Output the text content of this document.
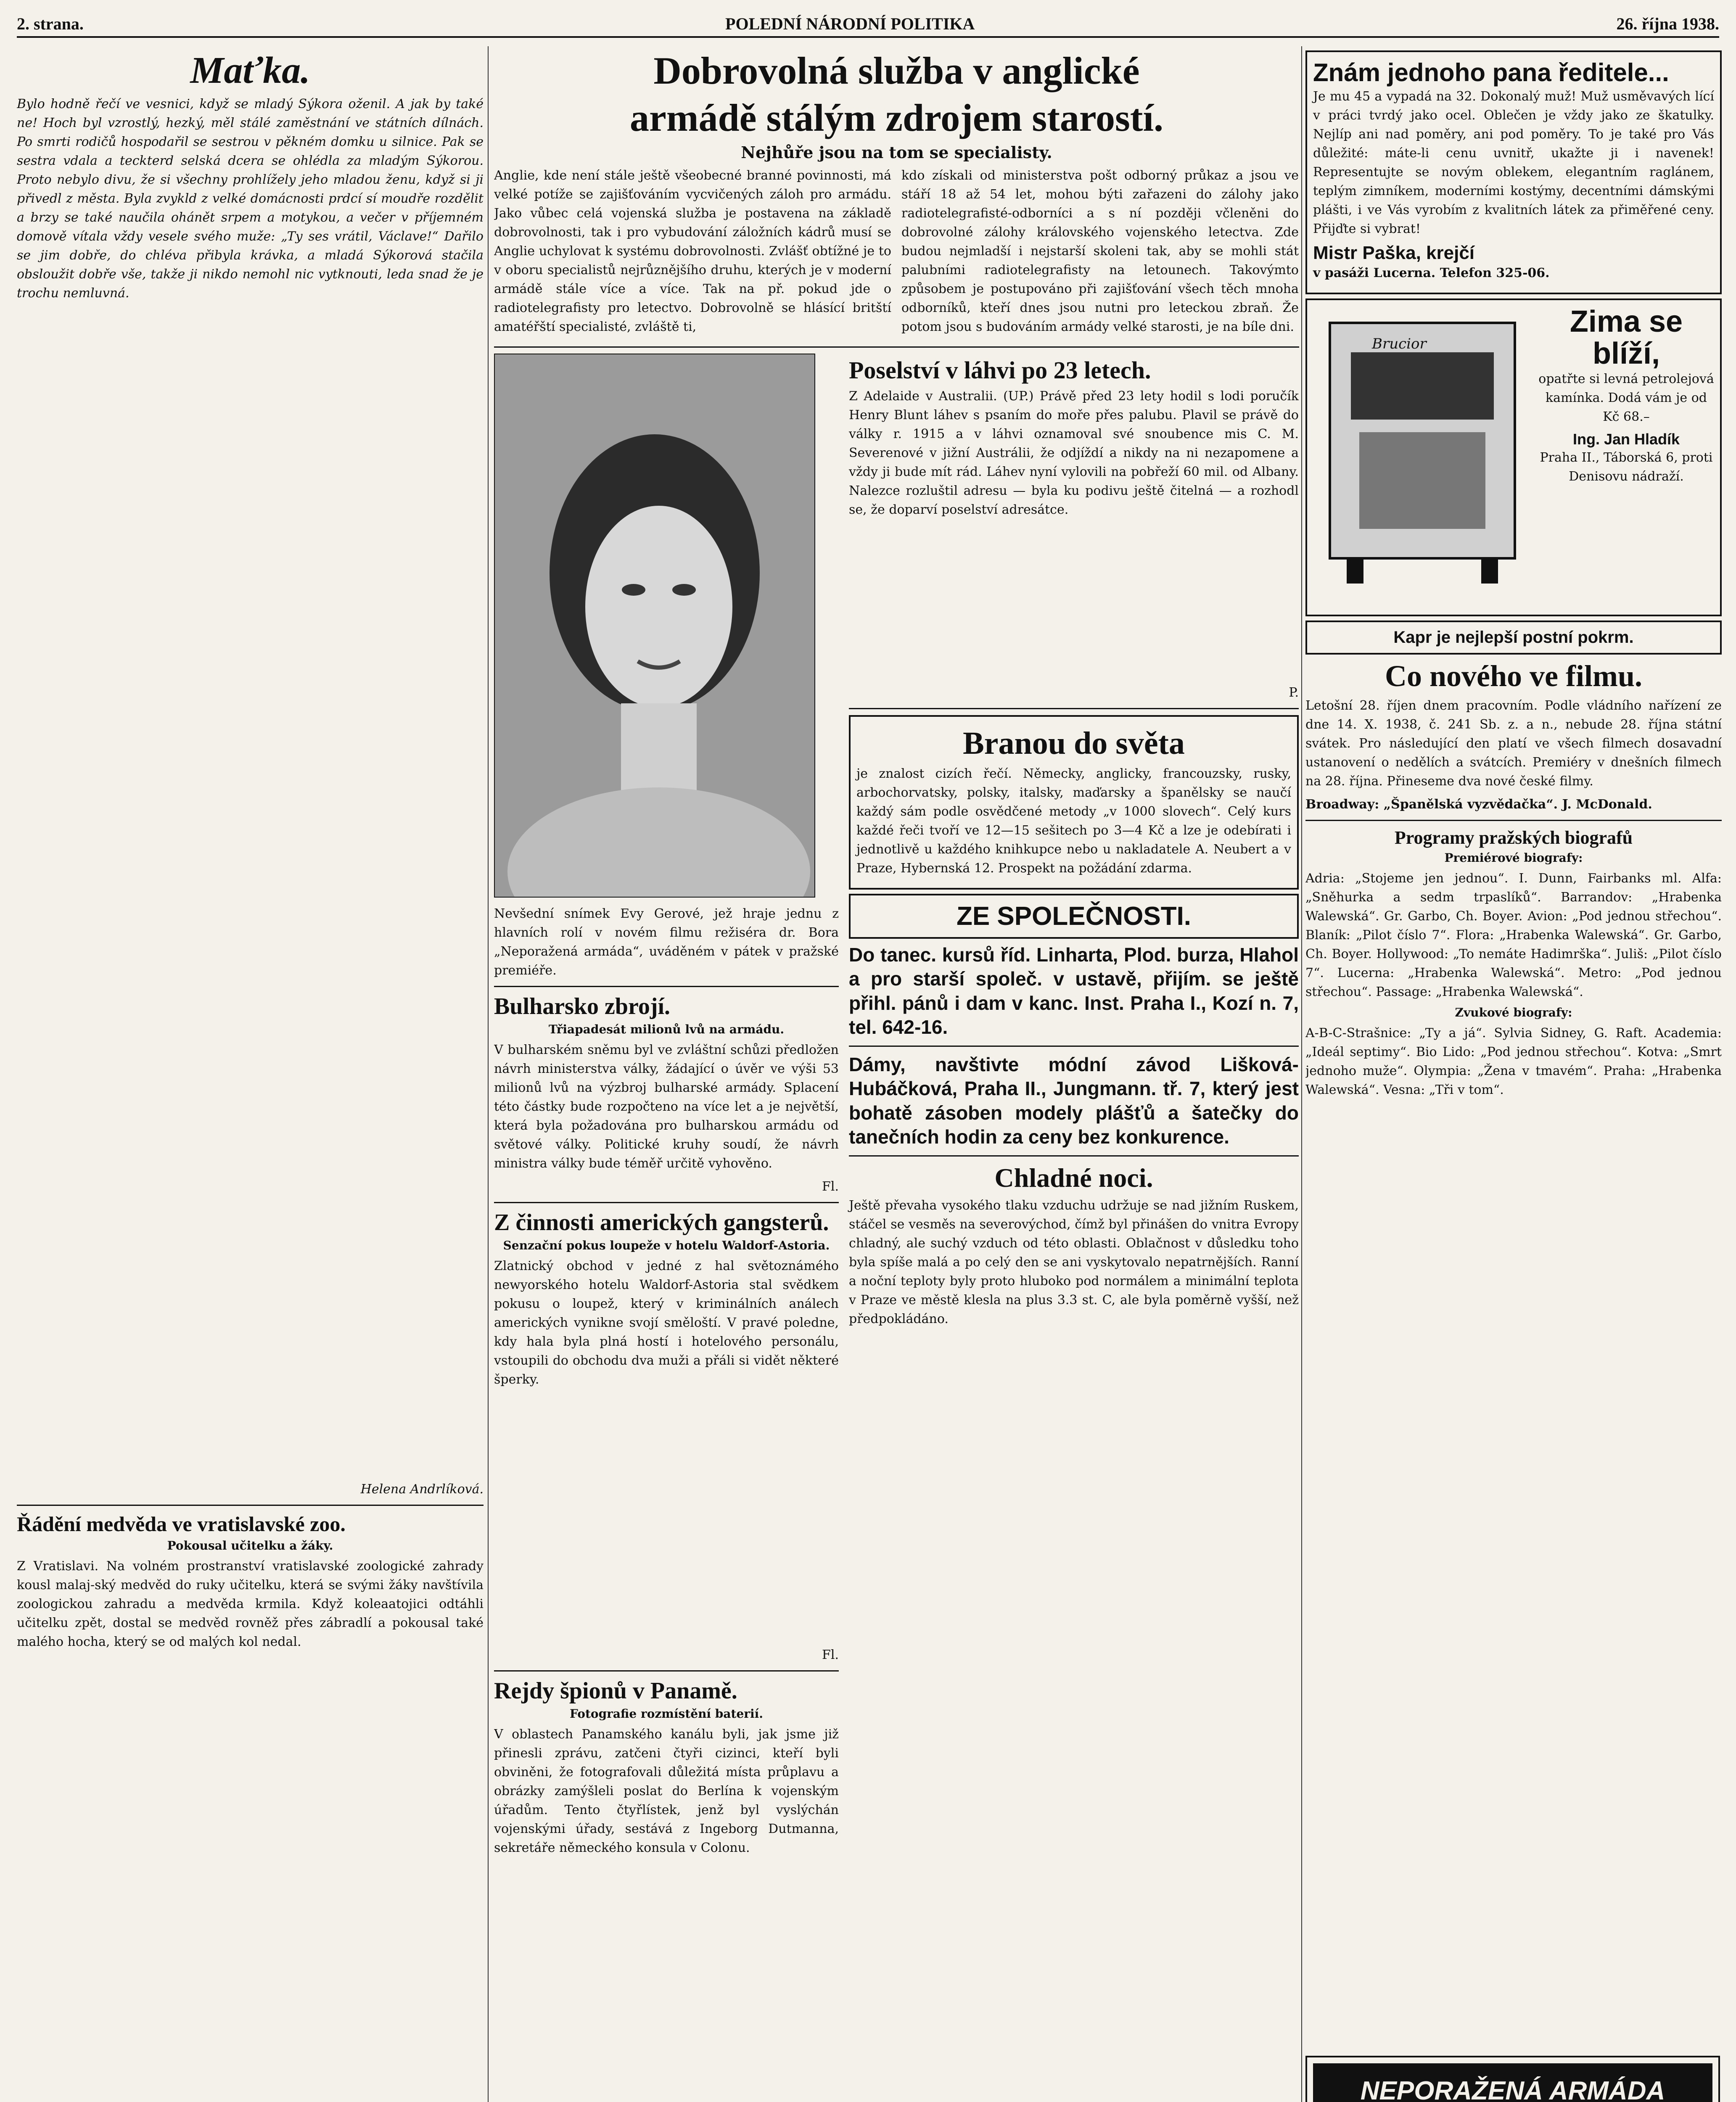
2. strana.	POLEDNÍ NÁRODNÍ POLITIKA	26. října 1938.
Maťka.

Bylo hodně řečí ve vesnici, když se mladý Sýkora oženil. A jak by také ne! Hoch byl vzrostlý, hezký, měl stálé zaměstnání ve státních dílnách. Po smrti rodičů hospodařil se sestrou v pěkném domku u silnice. Pak se sestra vdala a teckterd selská dcera se ohlédla za mladým Sýkorou. Proto nebylo divu, že si všechny prohlížely jeho mladou ženu, když si ji přivedl z města. Byla zvykld z velké domácnosti prdcí sí moudře rozdělit a brzy se také naučila ohánět srpem a motykou, a večer v příjemném domově vítala vždy vesele svého muže: „Ty ses vrátil, Václave!“ Dařilo se jim dobře, do chléva přibyla krávka, a mladá Sýkorová stačila obsloužit dobře vše, takže ji nikdo nemohl nic vytknouti, leda snad že je trochu nemluvná.

Helena Andrlíková.

Řádění medvěda ve vratislavské zoo.
Pokousal učitelku a žáky.

Z Vratislavi. Na volném prostranství vratislavské zoologické zahrady kousl malaj-ský medvěd do ruky učitelku, která se svými žáky navštívila zoologickou zahradu a medvěda krmila. Když koleaatojici odtáhli učitelku zpět, dostal se medvěd rovněž přes zábradlí a pokousal také malého hocha, který se od malých kol nedal.

Dobrovolná služba v anglické
armádě stálým zdrojem starostí.
Nejhůře jsou na tom se specialisty.

Anglie, kde není stále ještě všeobecné branné povinnosti, má velké potíže se zajišťováním vycvičených záloh pro armádu. Jako vůbec celá vojenská služba je postavena na základě dobrovolnosti, tak i pro vybudování záložních kádrů musí se Anglie uchylovat k systému dobrovolnosti. Zvlášť obtížné je to v oboru specialistů nejrůznějšího druhu, kterých je v moderní armádě stále více a více. Tak na př. pokud jde o radiotelegrafisty pro letectvo. Dobrovolně se hlásící britští amatéřští specialisté, zvláště ti,

kdo získali od ministerstva pošt odborný průkaz a jsou ve stáří 18 až 54 let, mohou býti zařazeni do zálohy jako radiotelegrafisté-odborníci a s ní později včleněni do dobrovolné zálohy královského vojenského letectva. Zde budou nejmladší i nejstarší skoleni tak, aby se mohli stát palubními radiotelegrafisty na letounech. Takovýmto způsobem je postupováno při zajišťování všech těch mnoha odborníků, kteří dnes jsou nutni pro leteckou zbraň. Že potom jsou s budováním armády velké starosti, je na bíle dni.

Nevšední snímek Evy Gerové, jež hraje jednu z hlavních rolí v novém filmu režiséra dr. Bora „Neporažená armáda“, uváděném v pátek v pražské premiéře.

Bulharsko zbrojí.
Třiapadesát milionů lvů na armádu.

V bulharském sněmu byl ve zvláštní schůzi předložen návrh ministerstva války, žádající o úvěr ve výši 53 milionů lvů na výzbroj bulharské armády. Splacení této částky bude rozpočteno na více let a je největší, která byla požadována pro bulharskou armádu od světové války. Politické kruhy soudí, že návrh ministra války bude téměř určitě vyhověno.

Fl.

Z činnosti amerických gangsterů.
Senzační pokus loupeže v hotelu Waldorf-Astoria.

Zlatnický obchod v jedné z hal světoznámého newyorského hotelu Waldorf-Astoria stal svědkem pokusu o loupež, který v kriminálních análech amerických vynikne svojí směloští. V pravé poledne, kdy hala byla plná hostí i hotelového personálu, vstoupili do obchodu dva muži a přáli si vidět některé šperky.

Fl.

Rejdy špionů v Panamě.
Fotografie rozmístění baterií.

V oblastech Panamského kanálu byli, jak jsme již přinesli zprávu, zatčeni čtyři cizinci, kteří byli obviněni, že fotografovali důležitá místa průplavu a obrázky zamýšleli poslat do Berlína k vojenským úřadům. Tento čtyřlístek, jenž byl vyslýchán vojenskými úřady, sestává z Ingeborg Dutmanna, sekretáře německého konsula v Colonu.

Poselství v láhvi po 23 letech.

Z Adelaide v Australii. (UP.) Právě před 23 lety hodil s lodi poručík Henry Blunt láhev s psaním do moře přes palubu. Plavil se právě do války r. 1915 a v láhvi oznamoval své snoubence mis C. M. Severenové v jižní Austrálii, že odjíždí a nikdy na ni nezapomene a vždy ji bude mít rád. Láhev nyní vylovili na pobřeží 60 mil. od Albany. Nalezce rozluštil adresu — byla ku podivu ještě čitelná — a rozhodl se, že doparví poselství adresátce.

P.

Branou do světa

je znalost cizích řečí. Německy, anglicky, francouzsky, rusky, arbochorvatsky, polsky, italsky, maďarsky a španělsky se naučí každý sám podle osvědčené metody „v 1000 slovech“. Celý kurs každé řeči tvoří ve 12—15 sešitech po 3—4 Kč a lze je odebírati i jednotlivě u každého knihkupce nebo u nakladatele A. Neubert a v Praze, Hybernská 12. Prospekt na požádání zdarma.

ZE SPOLEČNOSTI.

Do tanec. kursů říd. Linharta, Plod. burza, Hlahol a pro starší společ. v ustavě, přijím. se ještě přihl. pánů i dam v kanc. Inst. Praha I., Kozí n. 7, tel. 642-16.

Dámy, navštivte módní závod Lišková-Hubáčková, Praha II., Jungmann. tř. 7, který jest bohatě zásoben modely plášťů a šatečky do tanečních hodin za ceny bez konkurence.

Chladné noci.

Ještě převaha vysokého tlaku vzduchu udržuje se nad jižním Ruskem, stáčel se vesměs na severovýchod, čímž byl přinášen do vnitra Evropy chladný, ale suchý vzduch od této oblasti. Oblačnost v důsledku toho byla spíše malá a po celý den se ani vyskytovalo nepatrnějších. Ranní a noční teploty byly proto hluboko pod normálem a minimální teplota v Praze ve městě klesla na plus 3.3 st. C, ale byla poměrně vyšší, než předpokládáno.

Znám jednoho pana ředitele...

Je mu 45 a vypadá na 32. Dokonalý muž! Muž usměvavých lící v práci tvrdý jako ocel. Oblečen je vždy jako ze škatulky. Nejlíp ani nad poměry, ani pod poměry. To je také pro Vás důležité: máte-li cenu uvnitř, ukažte ji i navenek! Representujte se novým oblekem, elegantním raglánem, teplým zimníkem, moderními kostýmy, decentními dámskými plášti, i ve Vás vyrobím z kvalitních látek za přiměřené ceny. Přijďte si vybrat!

Mistr Paška, krejčí
v pasáži Lucerna. Telefon 325-06.
Brucior
Zima se blíží,

opatřte si levná petrolejová kamínka. Dodá vám je od Kč 68.–

Ing. Jan Hladík

Praha II., Táborská 6, proti Denisovu nádraží.

Kapr je nejlepší postní pokrm.
Co nového ve filmu.

Letošní 28. říjen dnem pracovním. Podle vládního nařízení ze dne 14. X. 1938, č. 241 Sb. z. a n., nebude 28. října státní svátek. Pro následující den platí ve všech filmech dosavadní ustanovení o nedělích a svátcích. Premiéry v dnešních filmech na 28. října. Přineseme dva nové české filmy.

Broadway: „Španělská vyzvědačka“. J. McDonald.

Programy pražských biografů
Premiérové biografy:

Adria: „Stojeme jen jednou“. I. Dunn, Fairbanks ml. Alfa: „Sněhurka a sedm trpaslíků“. Barrandov: „Hrabenka Walewská“. Gr. Garbo, Ch. Boyer. Avion: „Pod jednou střechou“. Blaník: „Pilot číslo 7“. Flora: „Hrabenka Walewská“. Gr. Garbo, Ch. Boyer. Hollywood: „To nemáte Hadimrška“. Juliš: „Pilot číslo 7“. Lucerna: „Hrabenka Walewská“. Metro: „Pod jednou střechou“. Passage: „Hrabenka Walewská“.

Zvukové biografy:

A-B-C-Strašnice: „Ty a já“. Sylvia Sidney, G. Raft. Academia: „Ideál septimy“. Bio Lido: „Pod jednou střechou“. Kotva: „Smrt jednoho muže“. Olympia: „Žena v tmavém“. Praha: „Hrabenka Walewská“. Vesna: „Tři v tom“.

NEPORAŽENÁ ARMÁDA
